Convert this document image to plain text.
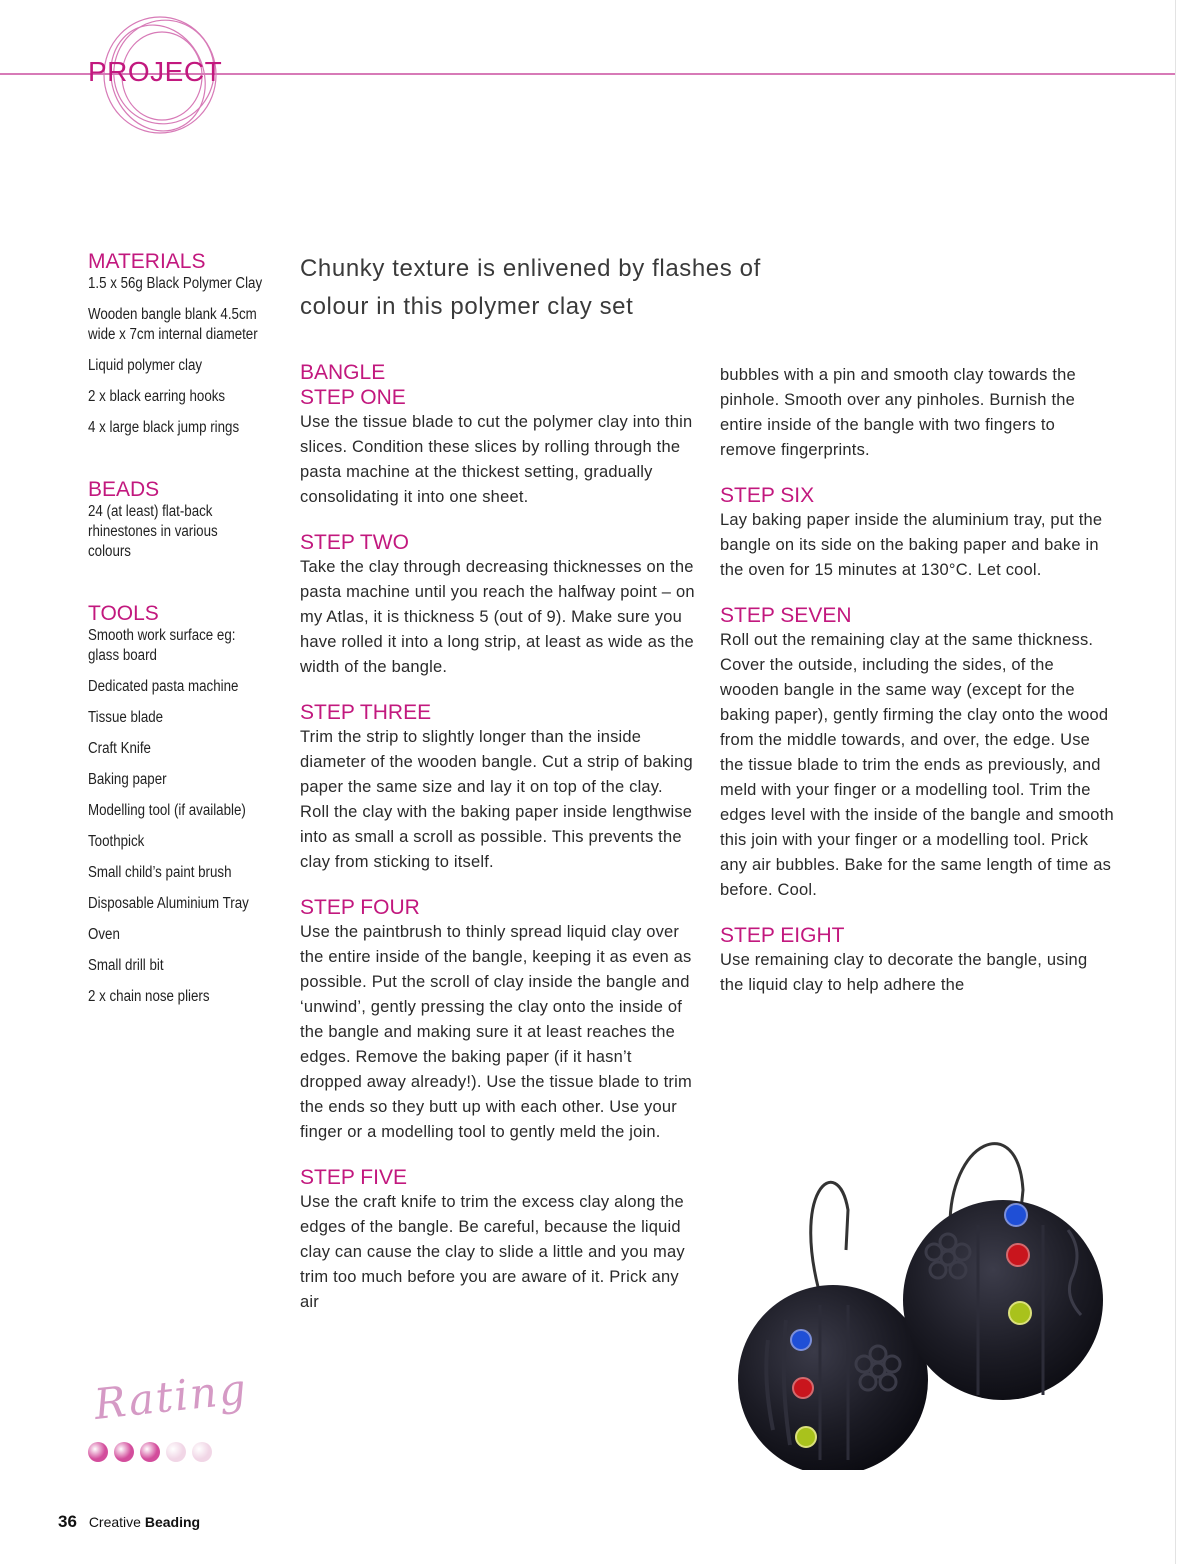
PROJECT
MATERIALS
1.5 x 56g Black Polymer Clay
Wooden bangle blank 4.5cm wide x 7cm internal diameter
Liquid polymer clay
2 x black earring hooks
4 x large black jump rings
BEADS
24 (at least) flat-back rhinestones in various colours
TOOLS
Smooth work surface eg: glass board
Dedicated pasta machine
Tissue blade
Craft Knife
Baking paper
Modelling tool (if available)
Toothpick
Small child’s paint brush
Disposable Aluminium Tray
Oven
Small drill bit
2 x chain nose pliers
Chunky texture is enlivened by flashes of colour in this polymer clay set
BANGLE
STEP ONE

Use the tissue blade to cut the polymer clay into thin slices. Condition these slices by rolling through the pasta machine at the thickest setting, gradually consolidating it into one sheet.

STEP TWO

Take the clay through decreasing thicknesses on the pasta machine until you reach the halfway point – on my Atlas, it is thickness 5 (out of 9). Make sure you have rolled it into a long strip, at least as wide as the width of the bangle.

STEP THREE

Trim the strip to slightly longer than the inside diameter of the wooden bangle. Cut a strip of baking paper the same size and lay it on top of the clay. Roll the clay with the baking paper inside lengthwise into as small a scroll as possible. This prevents the clay from sticking to itself.

STEP FOUR

Use the paintbrush to thinly spread liquid clay over the entire inside of the bangle, keeping it as even as possible. Put the scroll of clay inside the bangle and ‘unwind’, gently pressing the clay onto the inside of the bangle and making sure it at least reaches the edges. Remove the baking paper (if it hasn’t dropped away already!). Use the tissue blade to trim the ends so they butt up with each other. Use your finger or a modelling tool to gently meld the join.

STEP FIVE

Use the craft knife to trim the excess clay along the edges of the bangle. Be careful, because the liquid clay can cause the clay to slide a little and you may trim too much before you are aware of it. Prick any air

bubbles with a pin and smooth clay towards the pinhole. Smooth over any pinholes. Burnish the entire inside of the bangle with two fingers to remove fingerprints.

STEP SIX

Lay baking paper inside the aluminium tray, put the bangle on its side on the baking paper and bake in the oven for 15 minutes at 130°C. Let cool.

STEP SEVEN

Roll out the remaining clay at the same thickness. Cover the outside, including the sides, of the wooden bangle in the same way (except for the baking paper), gently firming the clay onto the wood from the middle towards, and over, the edge. Use the tissue blade to trim the ends as previously, and meld with your finger or a modelling tool. Trim the edges level with the inside of the bangle and smooth this join with your finger or a modelling tool. Prick any air bubbles. Bake for the same length of time as before. Cool.

STEP EIGHT

Use remaining clay to decorate the bangle, using the liquid clay to help adhere the

Rating
36 Creative Beading
